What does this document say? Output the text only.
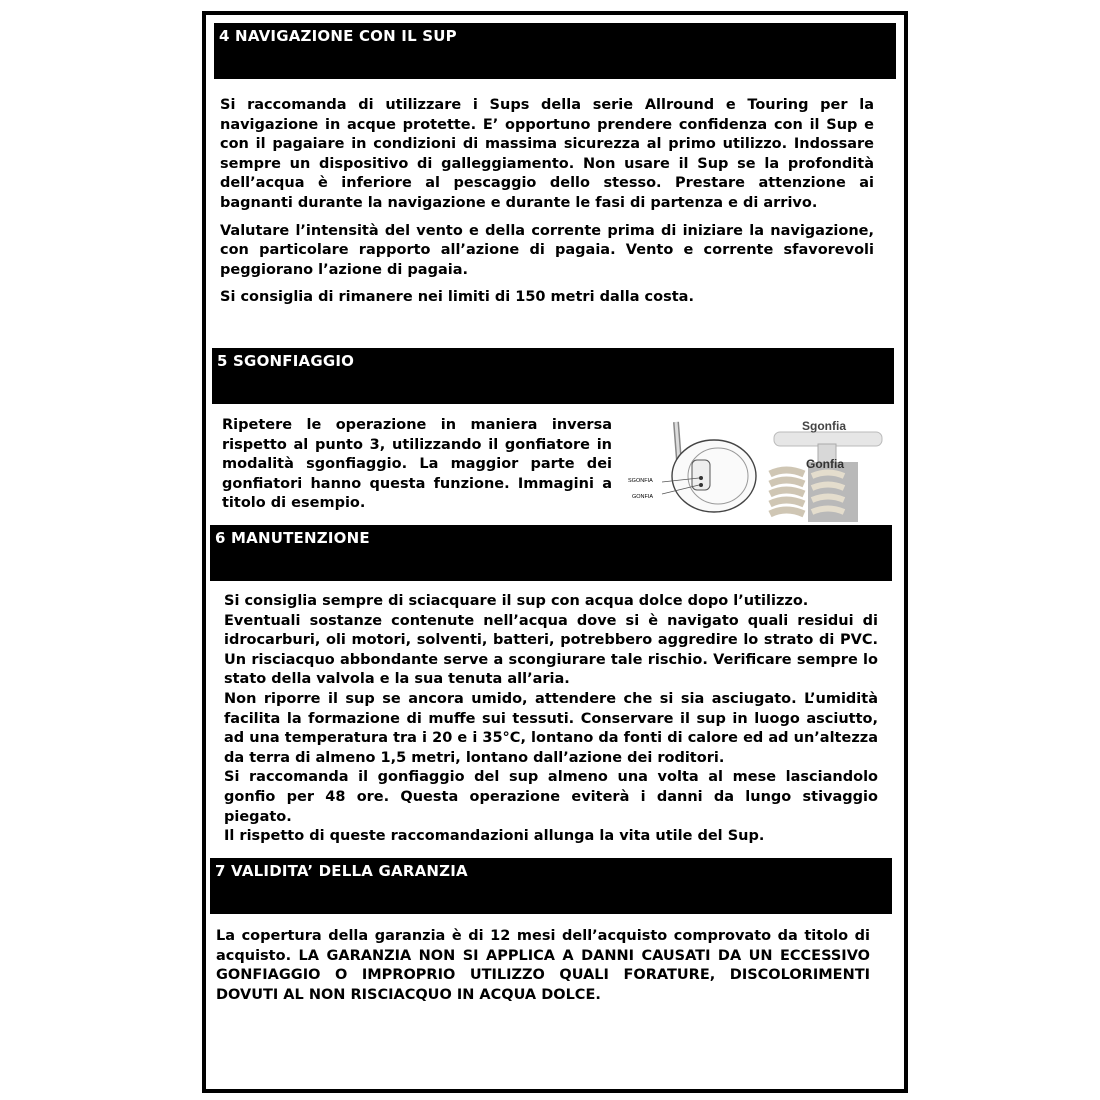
4 NAVIGAZIONE CON IL SUP

Si raccomanda di utilizzare i Sups della serie Allround e Touring per la navigazione in acque protette. E’ opportuno prendere confidenza con il Sup e con il pagaiare in condizioni di massima sicurezza al primo utilizzo. Indossare sempre un dispositivo di galleggiamento. Non usare il Sup se la profondità dell’acqua è inferiore al pescaggio dello stesso. Prestare attenzione ai bagnanti durante la navigazione e durante le fasi di partenza e di arrivo.

Valutare l’intensità del vento e della corrente prima di iniziare la navigazione, con particolare rapporto all’azione di pagaia. Vento e corrente sfavorevoli peggiorano l’azione di pagaia.

Si consiglia di rimanere nei limiti di 150 metri dalla costa.

5 SGONFIAGGIO

Ripetere le operazione in maniera inversa rispetto al punto 3, utilizzando il gonfiatore in modalità sgonfiaggio. La maggior parte dei gonfiatori hanno questa funzione. Immagini a titolo di esempio.

SGONFIA
GONFIA
Sgonfia
Gonfia
6 MANUTENZIONE
Si consiglia sempre di sciacquare il sup con acqua dolce dopo l’utilizzo.
Eventuali sostanze contenute nell’acqua dove si è navigato quali residui di idrocarburi, oli motori, solventi, batteri, potrebbero aggredire lo strato di PVC. Un risciacquo abbondante serve a scongiurare tale rischio. Verificare sempre lo stato della valvola e la sua tenuta all’aria.
Non riporre il sup se ancora umido, attendere che si sia asciugato. L’umidità facilita la formazione di muffe sui tessuti. Conservare il sup in luogo asciutto, ad una temperatura tra i 20 e i 35°C, lontano da fonti di calore ed ad un’altezza da terra di almeno 1,5 metri, lontano dall’azione dei roditori.
Si raccomanda il gonfiaggio del sup almeno una volta al mese lasciandolo gonfio per 48 ore. Questa operazione eviterà i danni da lungo stivaggio piegato.
Il rispetto di queste raccomandazioni allunga la vita utile del Sup.
7 VALIDITA’ DELLA GARANZIA

La copertura della garanzia è di 12 mesi dell’acquisto comprovato da titolo di acquisto. LA GARANZIA NON SI APPLICA A DANNI CAUSATI DA UN ECCESSIVO GONFIAGGIO O IMPROPRIO UTILIZZO QUALI FORATURE, DISCOLORIMENTI DOVUTI AL NON RISCIACQUO IN ACQUA DOLCE.
